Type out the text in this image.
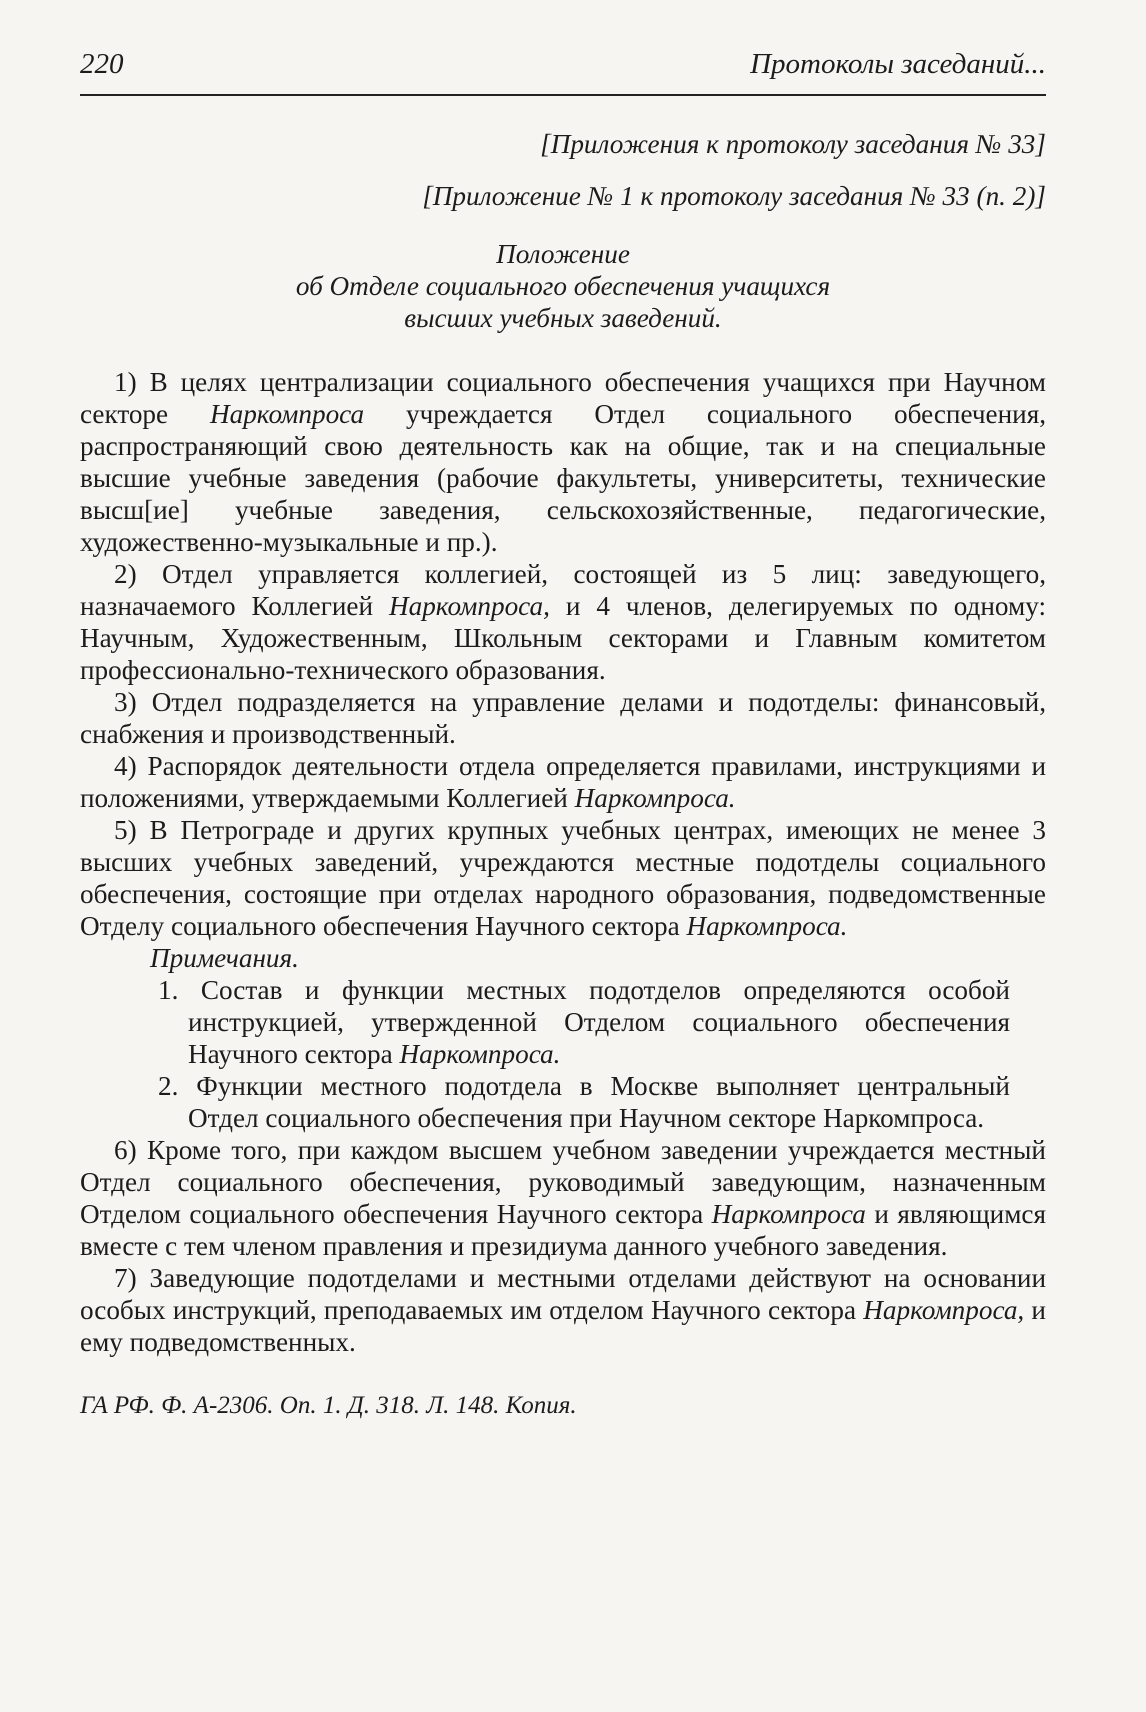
220	Протоколы заседаний...

[Приложения к протоколу заседания № 33]

[Приложение № 1 к протоколу заседания № 33 (п. 2)]

Положение

об Отделе социального обеспечения учащихся

высших учебных заведений.

1) В целях централизации социального обеспечения учащихся при Научном секторе Наркомпроса учреждается Отдел социального обеспечения, распространяющий свою деятельность как на общие, так и на специальные высшие учебные заведения (рабочие факультеты, университеты, технические высш[ие] учебные заведения, сельскохозяйственные, педагогические, художественно-музыкальные и пр.).

2) Отдел управляется коллегией, состоящей из 5 лиц: заведующего, назначаемого Коллегией Наркомпроса, и 4 членов, делегируемых по одному: Научным, Художественным, Школьным секторами и Главным комитетом профессионально-технического образования.

3) Отдел подразделяется на управление делами и подотделы: финансовый, снабжения и производственный.

4) Распорядок деятельности отдела определяется правилами, инструкциями и положениями, утверждаемыми Коллегией Наркомпроса.

5) В Петрограде и других крупных учебных центрах, имеющих не менее 3 высших учебных заведений, учреждаются местные подотделы социального обеспечения, состоящие при отделах народного образования, подведомственные Отделу социального обеспечения Научного сектора Наркомпроса.

Примечания.

1. Состав и функции местных подотделов определяются особой инструкцией, утвержденной Отделом социального обеспечения Научного сектора Наркомпроса.
2. Функции местного подотдела в Москве выполняет центральный Отдел социального обеспечения при Научном секторе Наркомпроса.

6) Кроме того, при каждом высшем учебном заведении учреждается местный Отдел социального обеспечения, руководимый заведующим, назначенным Отделом социального обеспечения Научного сектора Наркомпроса и являющимся вместе с тем членом правления и президиума данного учебного заведения.

7) Заведующие подотделами и местными отделами действуют на основании особых инструкций, преподаваемых им отделом Научного сектора Наркомпроса, и ему подведомственных.

ГА РФ. Ф. А-2306. Оп. 1. Д. 318. Л. 148. Копия.
